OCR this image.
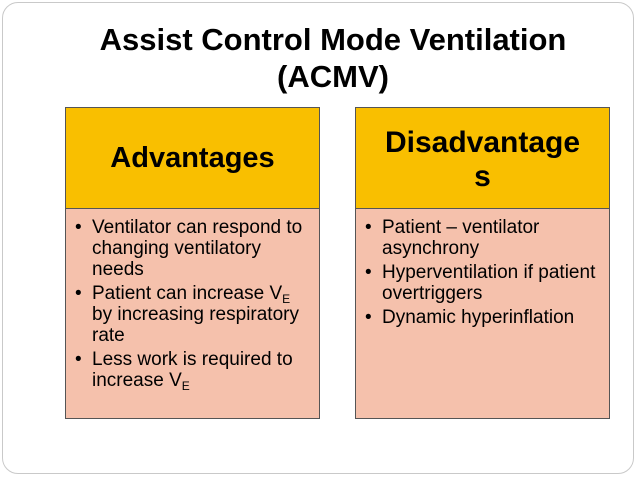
Assist Control Mode Ventilation
(ACMV)
Advantages
• Ventilator can respond to changing ventilatory needs
• Patient can increase $V_E$ by increasing respiratory rate
• Less work is required to increase $V_E$
Disadvantage
s
• Patient – ventilator asynchrony
• Hyperventilation if patient overtriggers
• Dynamic hyperinflation
